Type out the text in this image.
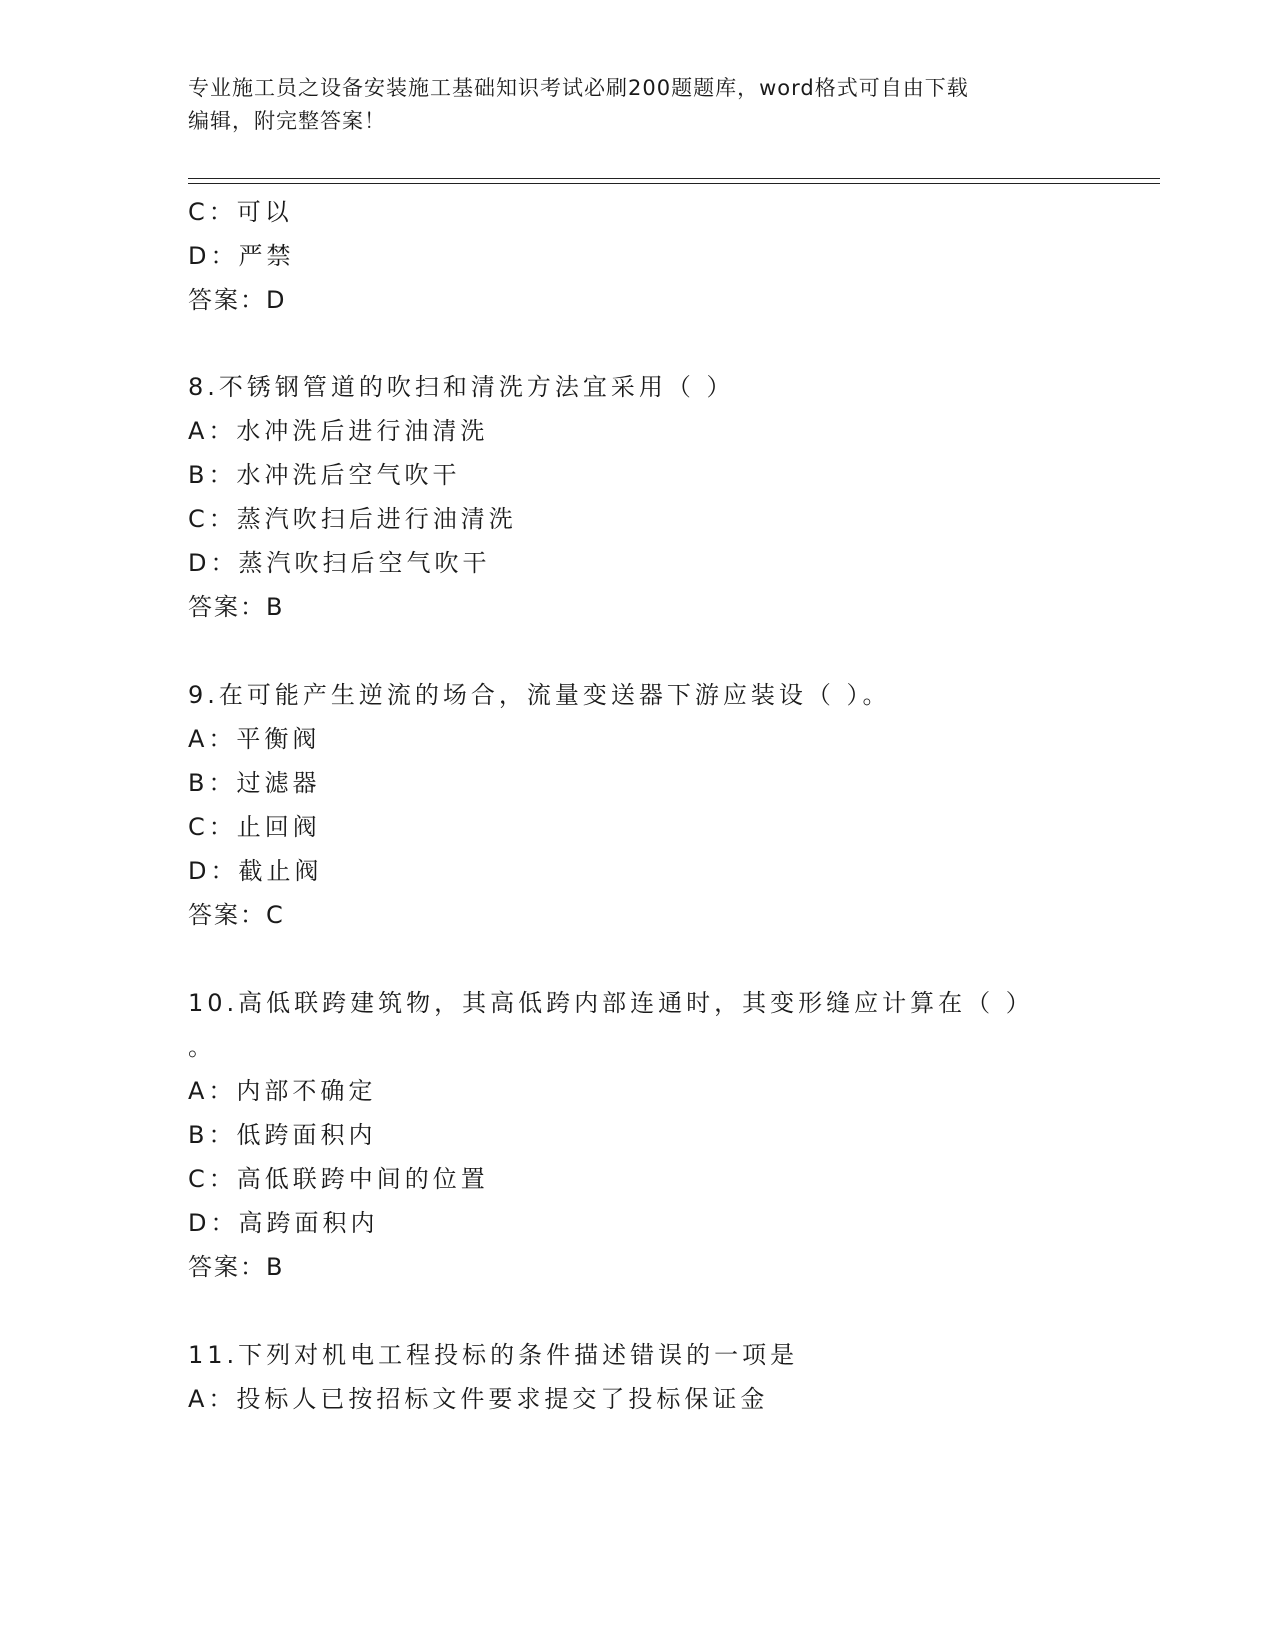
专业施工员之设备安装施工基础知识考试必刷200题题库，word格式可自由下载
编辑，附完整答案！
C：可以
D：严禁
答案：D
8.不锈钢管道的吹扫和清洗方法宜采用（ ）
A：水冲洗后进行油清洗
B：水冲洗后空气吹干
C：蒸汽吹扫后进行油清洗
D：蒸汽吹扫后空气吹干
答案：B
9.在可能产生逆流的场合，流量变送器下游应装设（ ）。
A：平衡阀
B：过滤器
C：止回阀
D：截止阀
答案：C
10.高低联跨建筑物，其高低跨内部连通时，其变形缝应计算在（ ）
。
A：内部不确定
B：低跨面积内
C：高低联跨中间的位置
D：高跨面积内
答案：B
11.下列对机电工程投标的条件描述错误的一项是
A：投标人已按招标文件要求提交了投标保证金
